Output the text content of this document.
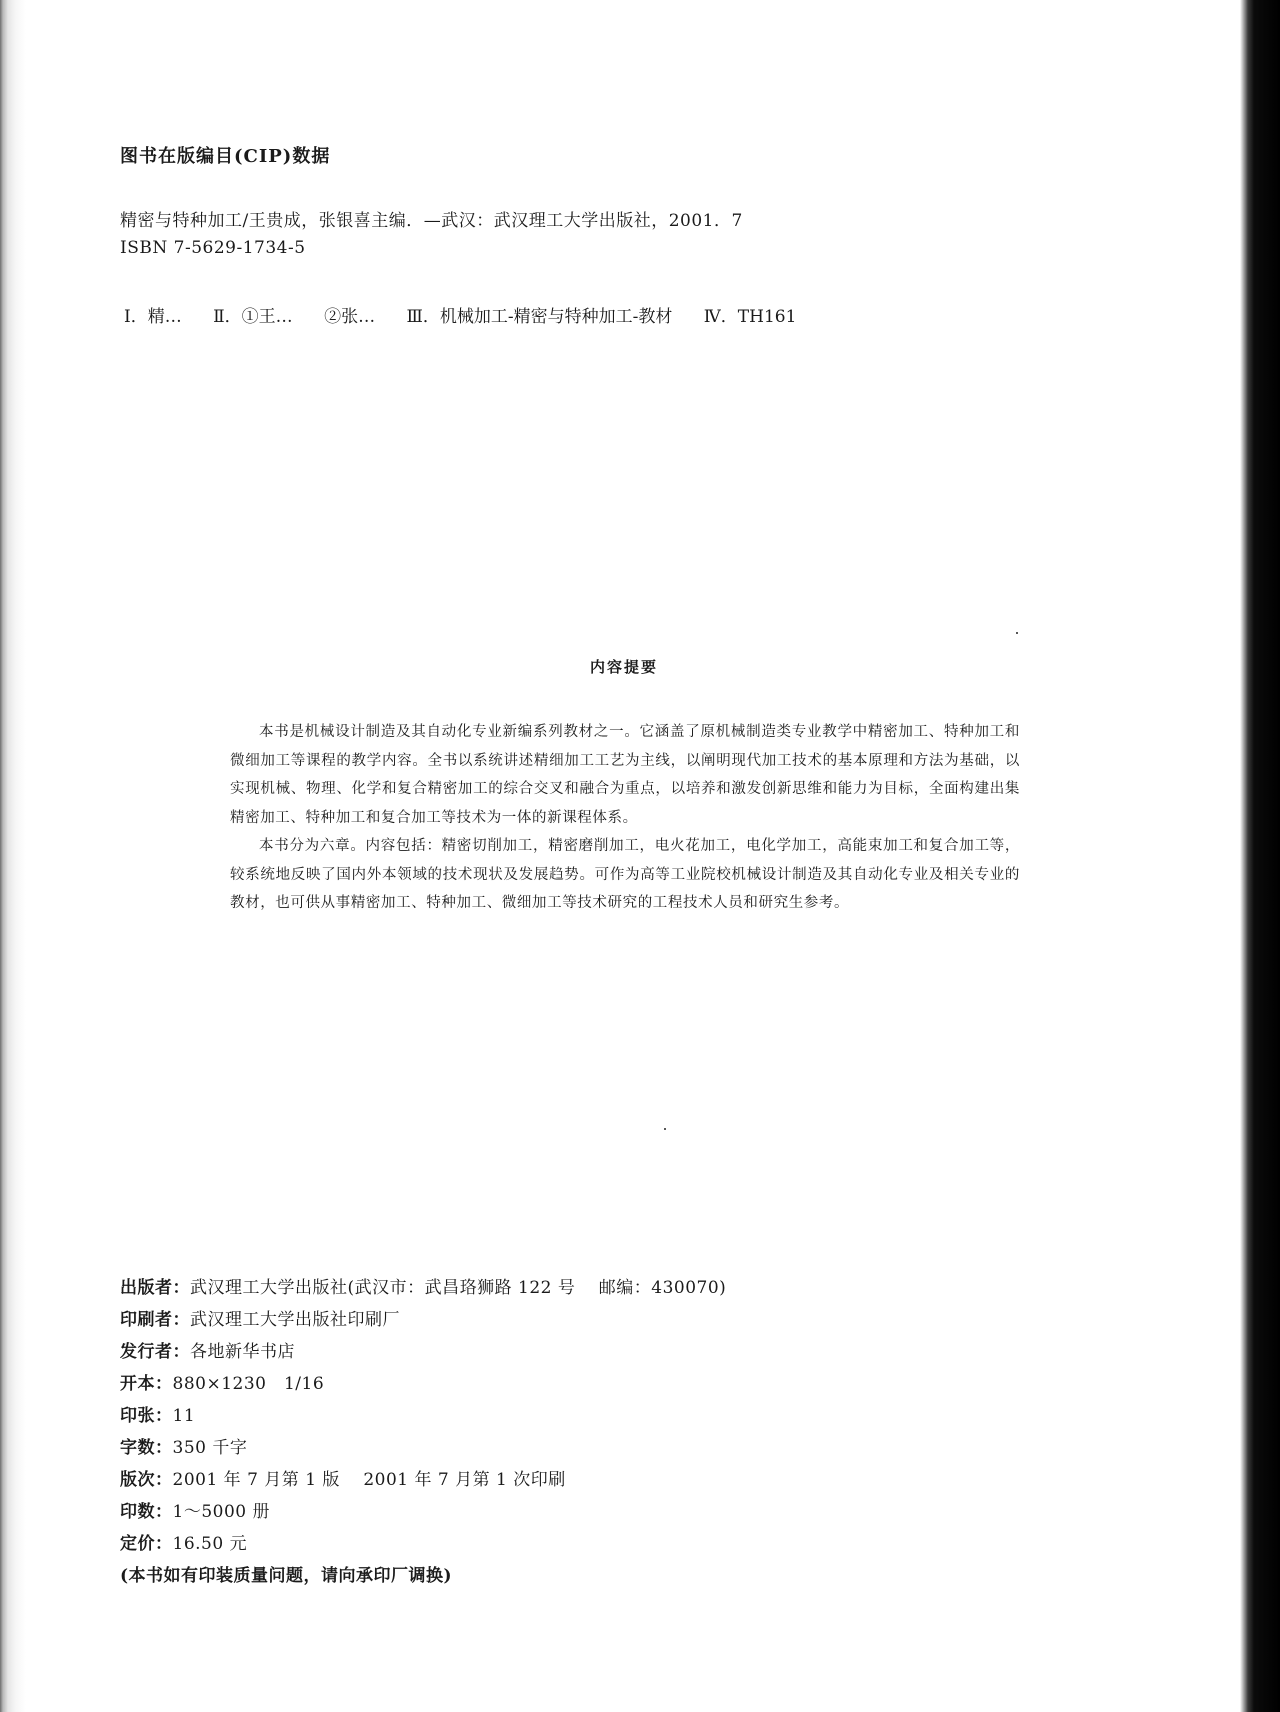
图书在版编目(CIP)数据
精密与特种加工/王贵成，张银喜主编．—武汉：武汉理工大学出版社，2001．7
ISBN 7-5629-1734-5
Ⅰ．精… Ⅱ．①王… ②张… Ⅲ．机械加工-精密与特种加工-教材 Ⅳ．TH161
内容提要

本书是机械设计制造及其自动化专业新编系列教材之一。它涵盖了原机械制造类专业教学中精密加工、特种加工和微细加工等课程的教学内容。全书以系统讲述精细加工工艺为主线，以阐明现代加工技术的基本原理和方法为基础，以实现机械、物理、化学和复合精密加工的综合交叉和融合为重点，以培养和激发创新思维和能力为目标，全面构建出集精密加工、特种加工和复合加工等技术为一体的新课程体系。

本书分为六章。内容包括：精密切削加工，精密磨削加工，电火花加工，电化学加工，高能束加工和复合加工等，较系统地反映了国内外本领域的技术现状及发展趋势。可作为高等工业院校机械设计制造及其自动化专业及相关专业的教材，也可供从事精密加工、特种加工、微细加工等技术研究的工程技术人员和研究生参考。

出版者：武汉理工大学出版社(武汉市：武昌珞狮路 122 号　 邮编：430070)
印刷者：武汉理工大学出版社印刷厂
发行者：各地新华书店
开本：880×1230　1/16
印张：11
字数：350 千字
版次：2001 年 7 月第 1 版　 2001 年 7 月第 1 次印刷
印数：1～5000 册
定价：16.50 元
(本书如有印装质量问题，请向承印厂调换)
